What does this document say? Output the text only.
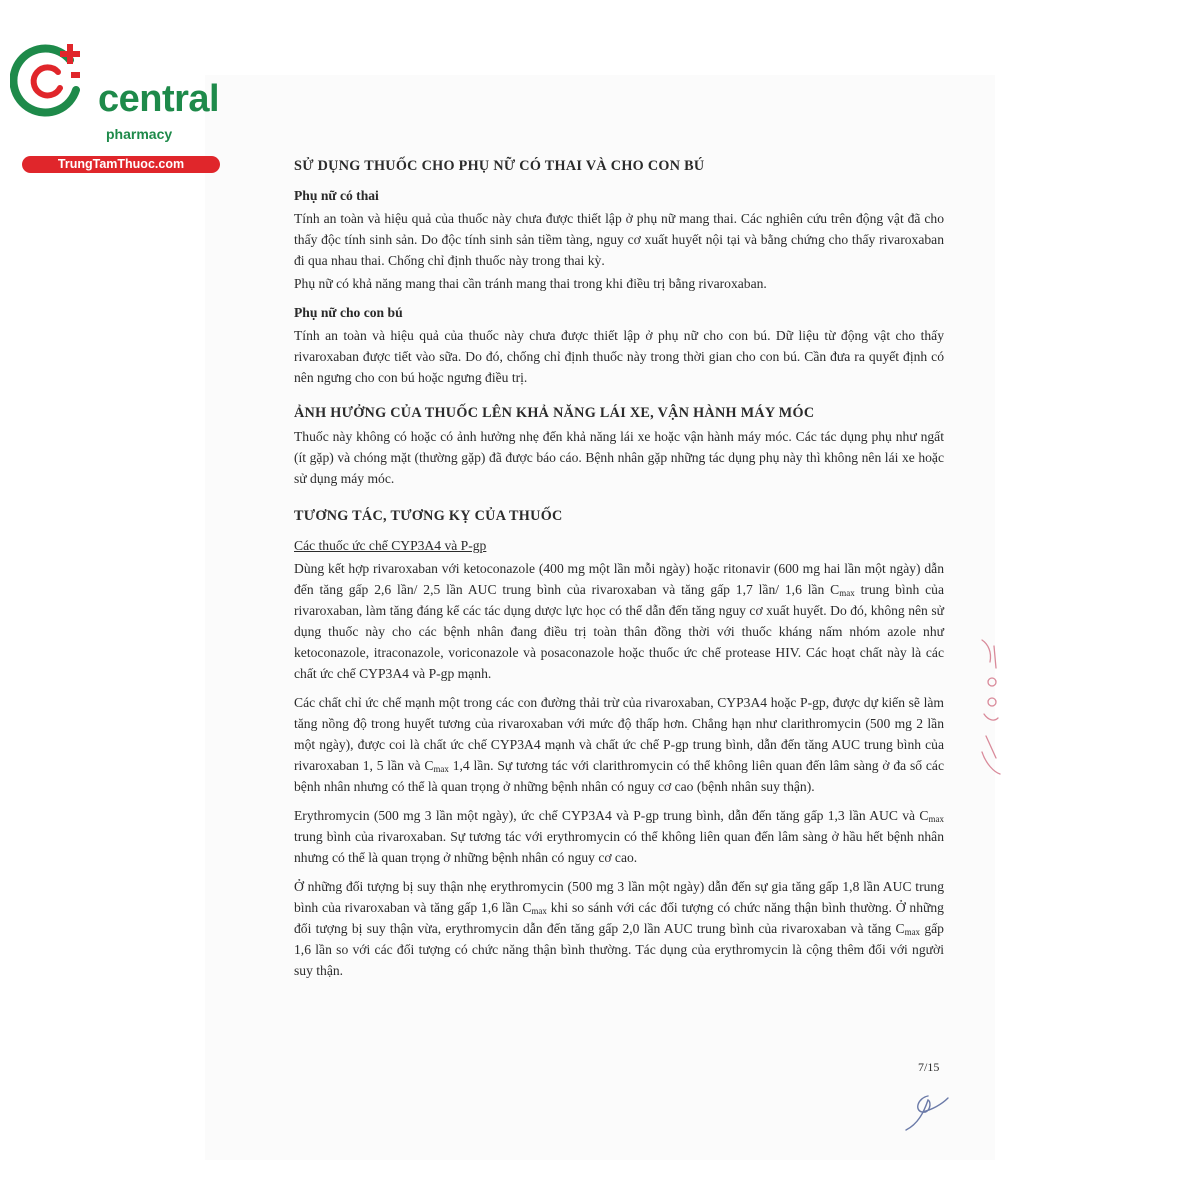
central
pharmacy
TrungTamThuoc.com	SỬ DỤNG THUỐC CHO PHỤ NỮ CÓ THAI VÀ CHO CON BÚ
Phụ nữ có thai

Tính an toàn và hiệu quả của thuốc này chưa được thiết lập ở phụ nữ mang thai. Các nghiên cứu trên động vật đã cho thấy độc tính sinh sản. Do độc tính sinh sản tiềm tàng, nguy cơ xuất huyết nội tại và bằng chứng cho thấy rivaroxaban đi qua nhau thai. Chống chỉ định thuốc này trong thai kỳ.

Phụ nữ có khả năng mang thai cần tránh mang thai trong khi điều trị bằng rivaroxaban.

Phụ nữ cho con bú

Tính an toàn và hiệu quả của thuốc này chưa được thiết lập ở phụ nữ cho con bú. Dữ liệu từ động vật cho thấy rivaroxaban được tiết vào sữa. Do đó, chống chỉ định thuốc này trong thời gian cho con bú. Cần đưa ra quyết định có nên ngưng cho con bú hoặc ngưng điều trị.

ẢNH HƯỞNG CỦA THUỐC LÊN KHẢ NĂNG LÁI XE, VẬN HÀNH MÁY MÓC

Thuốc này không có hoặc có ảnh hưởng nhẹ đến khả năng lái xe hoặc vận hành máy móc. Các tác dụng phụ như ngất (ít gặp) và chóng mặt (thường gặp) đã được báo cáo. Bệnh nhân gặp những tác dụng phụ này thì không nên lái xe hoặc sử dụng máy móc.

TƯƠNG TÁC, TƯƠNG KỴ CỦA THUỐC

Các thuốc ức chế CYP3A4 và P-gp

Dùng kết hợp rivaroxaban với ketoconazole (400 mg một lần mỗi ngày) hoặc ritonavir (600 mg hai lần một ngày) dẫn đến tăng gấp 2,6 lần/ 2,5 lần AUC trung bình của rivaroxaban và tăng gấp 1,7 lần/ 1,6 lần $C_{max}$ trung bình của rivaroxaban, làm tăng đáng kể các tác dụng dược lực học có thể dẫn đến tăng nguy cơ xuất huyết. Do đó, không nên sử dụng thuốc này cho các bệnh nhân đang điều trị toàn thân đồng thời với thuốc kháng nấm nhóm azole như ketoconazole, itraconazole, voriconazole và posaconazole hoặc thuốc ức chế protease HIV. Các hoạt chất này là các chất ức chế CYP3A4 và P-gp mạnh.

Các chất chỉ ức chế mạnh một trong các con đường thải trừ của rivaroxaban, CYP3A4 hoặc P-gp, được dự kiến sẽ làm tăng nồng độ trong huyết tương của rivaroxaban với mức độ thấp hơn. Chẳng hạn như clarithromycin (500 mg 2 lần một ngày), được coi là chất ức chế CYP3A4 mạnh và chất ức chế P-gp trung bình, dẫn đến tăng AUC trung bình của rivaroxaban 1, 5 lần và $C_{max}$ 1,4 lần. Sự tương tác với clarithromycin có thể không liên quan đến lâm sàng ở đa số các bệnh nhân nhưng có thể là quan trọng ở những bệnh nhân có nguy cơ cao (bệnh nhân suy thận).

Erythromycin (500 mg 3 lần một ngày), ức chế CYP3A4 và P-gp trung bình, dẫn đến tăng gấp 1,3 lần AUC và $C_{max}$ trung bình của rivaroxaban. Sự tương tác với erythromycin có thể không liên quan đến lâm sàng ở hầu hết bệnh nhân nhưng có thể là quan trọng ở những bệnh nhân có nguy cơ cao.

Ở những đối tượng bị suy thận nhẹ erythromycin (500 mg 3 lần một ngày) dẫn đến sự gia tăng gấp 1,8 lần AUC trung bình của rivaroxaban và tăng gấp 1,6 lần $C_{max}$ khi so sánh với các đối tượng có chức năng thận bình thường. Ở những đối tượng bị suy thận vừa, erythromycin dẫn đến tăng gấp 2,0 lần AUC trung bình của rivaroxaban và tăng $C_{max}$ gấp 1,6 lần so với các đối tượng có chức năng thận bình thường. Tác dụng của erythromycin là cộng thêm đối với người suy thận.

7/15
